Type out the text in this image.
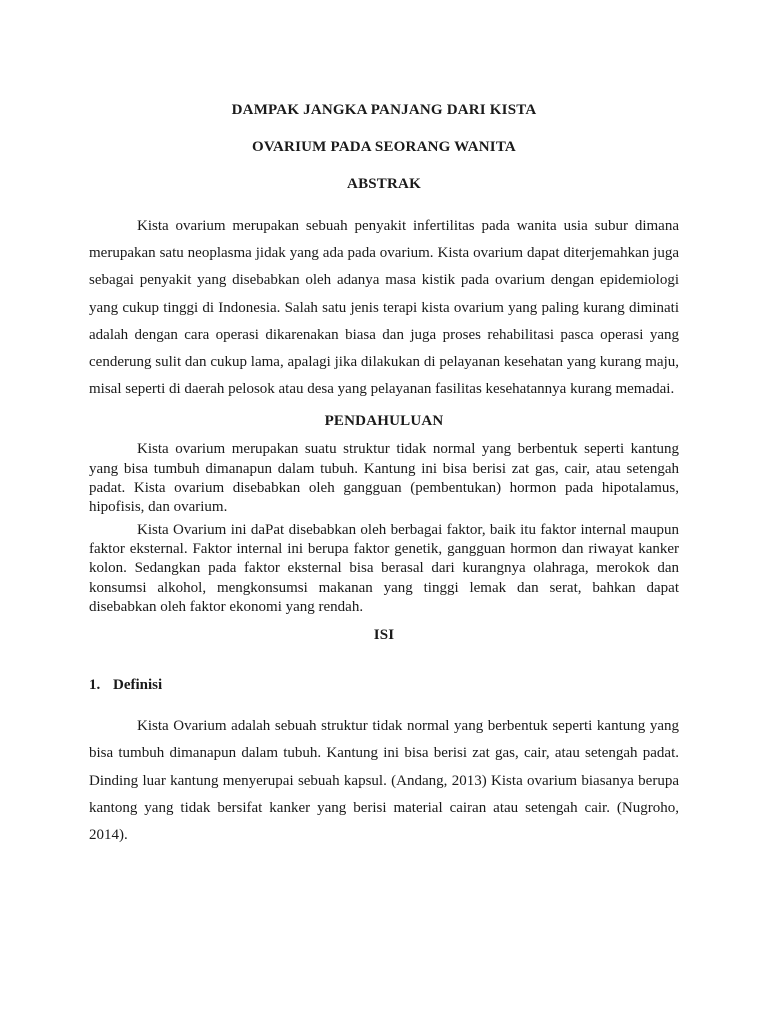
DAMPAK JANGKA PANJANG DARI KISTA
OVARIUM PADA SEORANG WANITA
ABSTRAK

Kista ovarium merupakan sebuah penyakit infertilitas pada wanita usia subur dimana merupakan satu neoplasma jidak yang ada pada ovarium. Kista ovarium dapat diterjemahkan juga sebagai penyakit yang disebabkan oleh adanya masa kistik pada ovarium dengan epidemiologi yang cukup tinggi di Indonesia. Salah satu jenis terapi kista ovarium yang paling kurang diminati adalah dengan cara operasi dikarenakan biasa dan juga proses rehabilitasi pasca operasi yang cenderung sulit dan cukup lama, apalagi jika dilakukan di pelayanan kesehatan yang kurang maju, misal seperti di daerah pelosok atau desa yang pelayanan fasilitas kesehatannya kurang memadai.

PENDAHULUAN

Kista ovarium merupakan suatu struktur tidak normal yang berbentuk seperti kantung yang bisa tumbuh dimanapun dalam tubuh. Kantung ini bisa berisi zat gas, cair, atau setengah padat. Kista ovarium disebabkan oleh gangguan (pembentukan) hormon pada hipotalamus, hipofisis, dan ovarium.

Kista Ovarium ini daPat disebabkan oleh berbagai faktor, baik itu faktor internal maupun faktor eksternal. Faktor internal ini berupa faktor genetik, gangguan hormon dan riwayat kanker kolon. Sedangkan pada faktor eksternal bisa berasal dari kurangnya olahraga, merokok dan konsumsi alkohol, mengkonsumsi makanan yang tinggi lemak dan serat, bahkan dapat disebabkan oleh faktor ekonomi yang rendah.

ISI
1. Definisi

Kista Ovarium adalah sebuah struktur tidak normal yang berbentuk seperti kantung yang bisa tumbuh dimanapun dalam tubuh. Kantung ini bisa berisi zat gas, cair, atau setengah padat. Dinding luar kantung menyerupai sebuah kapsul. (Andang, 2013) Kista ovarium biasanya berupa kantong yang tidak bersifat kanker yang berisi material cairan atau setengah cair. (Nugroho, 2014).
